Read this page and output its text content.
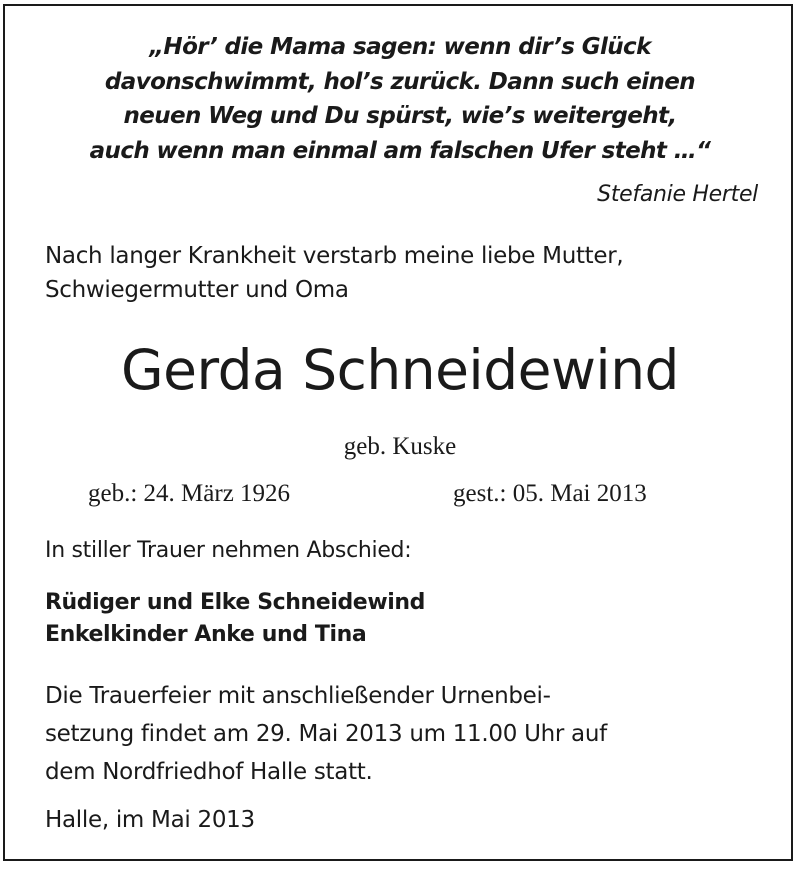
„Hör’ die Mama sagen: wenn dir’s Glück
davonschwimmt, hol’s zurück. Dann such einen
neuen Weg und Du spürst, wie’s weitergeht,
auch wenn man einmal am falschen Ufer steht …“
Stefanie Hertel
Nach langer Krankheit verstarb meine liebe Mutter,
Schwiegermutter und Oma
Gerda Schneidewind
geb. Kuske
geb.: 24. März 1926	gest.: 05. Mai 2013
In stiller Trauer nehmen Abschied:
Rüdiger und Elke Schneidewind
Enkelkinder Anke und Tina
Die Trauerfeier mit anschließender Urnenbei-
setzung findet am 29. Mai 2013 um 11.00 Uhr auf
dem Nordfriedhof Halle statt.
Halle, im Mai 2013
